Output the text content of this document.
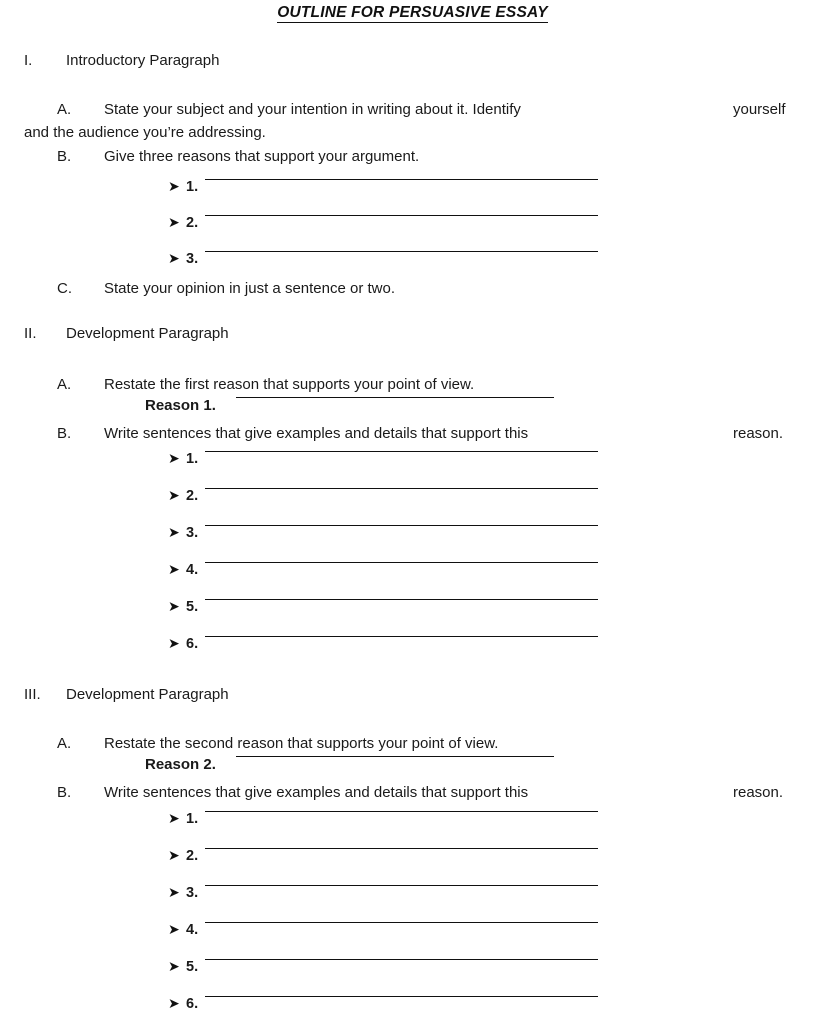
OUTLINE FOR PERSUASIVE ESSAY
I.	Introductory Paragraph
A.	State your subject and your intention in writing about it. Identify	yourself
and the audience you’re addressing.
B.	Give three reasons that support your argument.
➤ 1.
➤ 2.
➤ 3.
C.	State your opinion in just a sentence or two.
II.	Development Paragraph
A.	Restate the first reason that supports your point of view.
Reason 1.
B.	Write sentences that give examples and details that support this	reason.
➤ 1.
➤ 2.
➤ 3.
➤ 4.
➤ 5.
➤ 6.
III.	Development Paragraph
A.	Restate the second reason that supports your point of view.
Reason 2.
B.	Write sentences that give examples and details that support this	reason.
➤ 1.
➤ 2.
➤ 3.
➤ 4.
➤ 5.
➤ 6.
